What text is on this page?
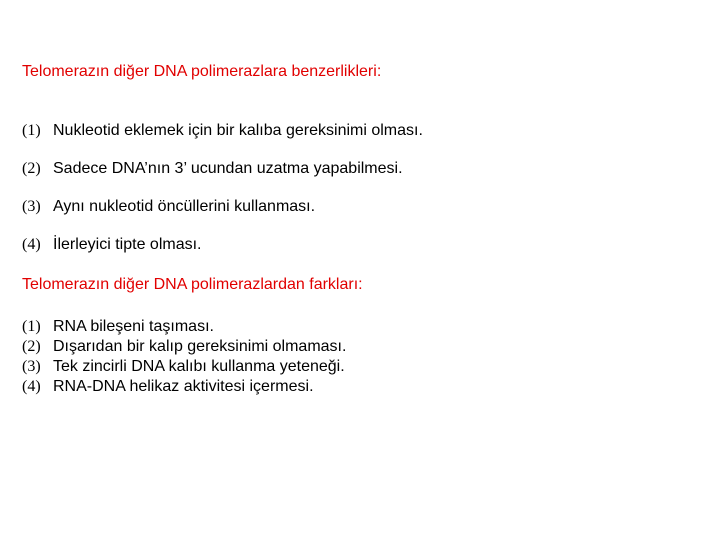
Telomerazın diğer DNA polimerazlara benzerlikleri:
(1) Nukleotid eklemek için bir kalıba gereksinimi olması.
(2) Sadece DNA’nın 3’ ucundan uzatma yapabilmesi.
(3) Aynı nukleotid öncüllerini kullanması.
(4) İlerleyici tipte olması.
Telomerazın diğer DNA polimerazlardan farkları:
(1) RNA bileşeni taşıması.
(2) Dışarıdan bir kalıp gereksinimi olmaması.
(3) Tek zincirli DNA kalıbı kullanma yeteneği.
(4) RNA-DNA helikaz aktivitesi içermesi.
